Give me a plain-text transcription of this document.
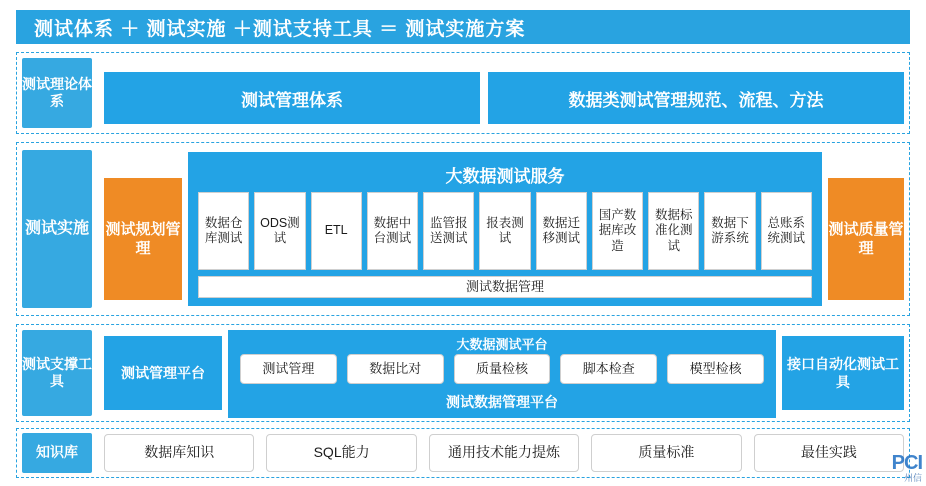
测试体系 ＋ 测试实施 ＋测试支持工具 ＝ 测试实施方案
测试理论体系	测试管理体系	数据类测试管理规范、流程、方法
测试实施 测试规划管理
测试质量管理
大数据测试服务
数据仓库测试
ODS测试
ETL
数据中台测试
监管报送测试
报表测试
数据迁移测试
国产数据库改造
数据标准化测试
数据下游系统
总账系统测试
测试数据管理
测试支撑工具
测试管理平台
接口自动化测试工具
大数据测试平台
测试管理	数据比对	质量检核	脚本检查	模型检核
测试数据管理平台
知识库	数据库知识	SQL能力	通用技术能力提炼	质量标准	最佳实践	PCI
州信
